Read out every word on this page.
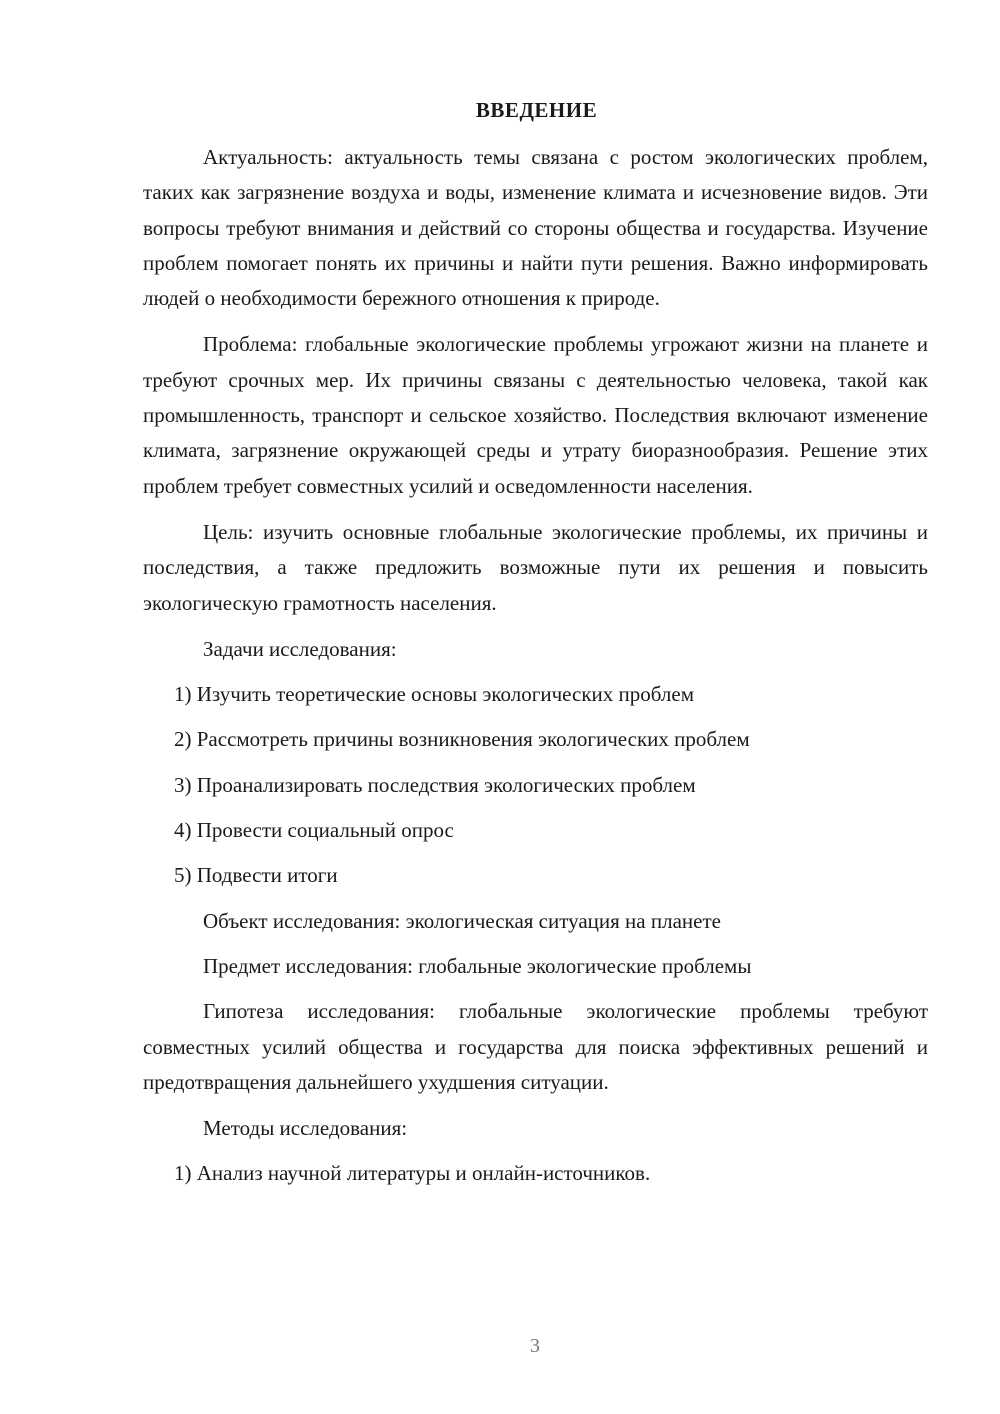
ВВЕДЕНИЕ

Актуальность: актуальность темы связана с ростом экологических проблем, таких как загрязнение воздуха и воды, изменение климата и исчезновение видов. Эти вопросы требуют внимания и действий со стороны общества и государства. Изучение проблем помогает понять их причины и найти пути решения. Важно информировать людей о необходимости бережного отношения к природе.

Проблема: глобальные экологические проблемы угрожают жизни на планете и требуют срочных мер. Их причины связаны с деятельностью человека, такой как промышленность, транспорт и сельское хозяйство. Последствия включают изменение климата, загрязнение окружающей среды и утрату биоразнообразия. Решение этих проблем требует совместных усилий и осведомленности населения.

Цель: изучить основные глобальные экологические проблемы, их причины и последствия, а также предложить возможные пути их решения и повысить экологическую грамотность населения.

Задачи исследования:

1) Изучить теоретические основы экологических проблем

2) Рассмотреть причины возникновения экологических проблем

3) Проанализировать последствия экологических проблем

4) Провести социальный опрос

5) Подвести итоги

Объект исследования: экологическая ситуация на планете

Предмет исследования: глобальные экологические проблемы

Гипотеза исследования: глобальные экологические проблемы требуют совместных усилий общества и государства для поиска эффективных решений и предотвращения дальнейшего ухудшения ситуации.

Методы исследования:

1) Анализ научной литературы и онлайн-источников.

3
